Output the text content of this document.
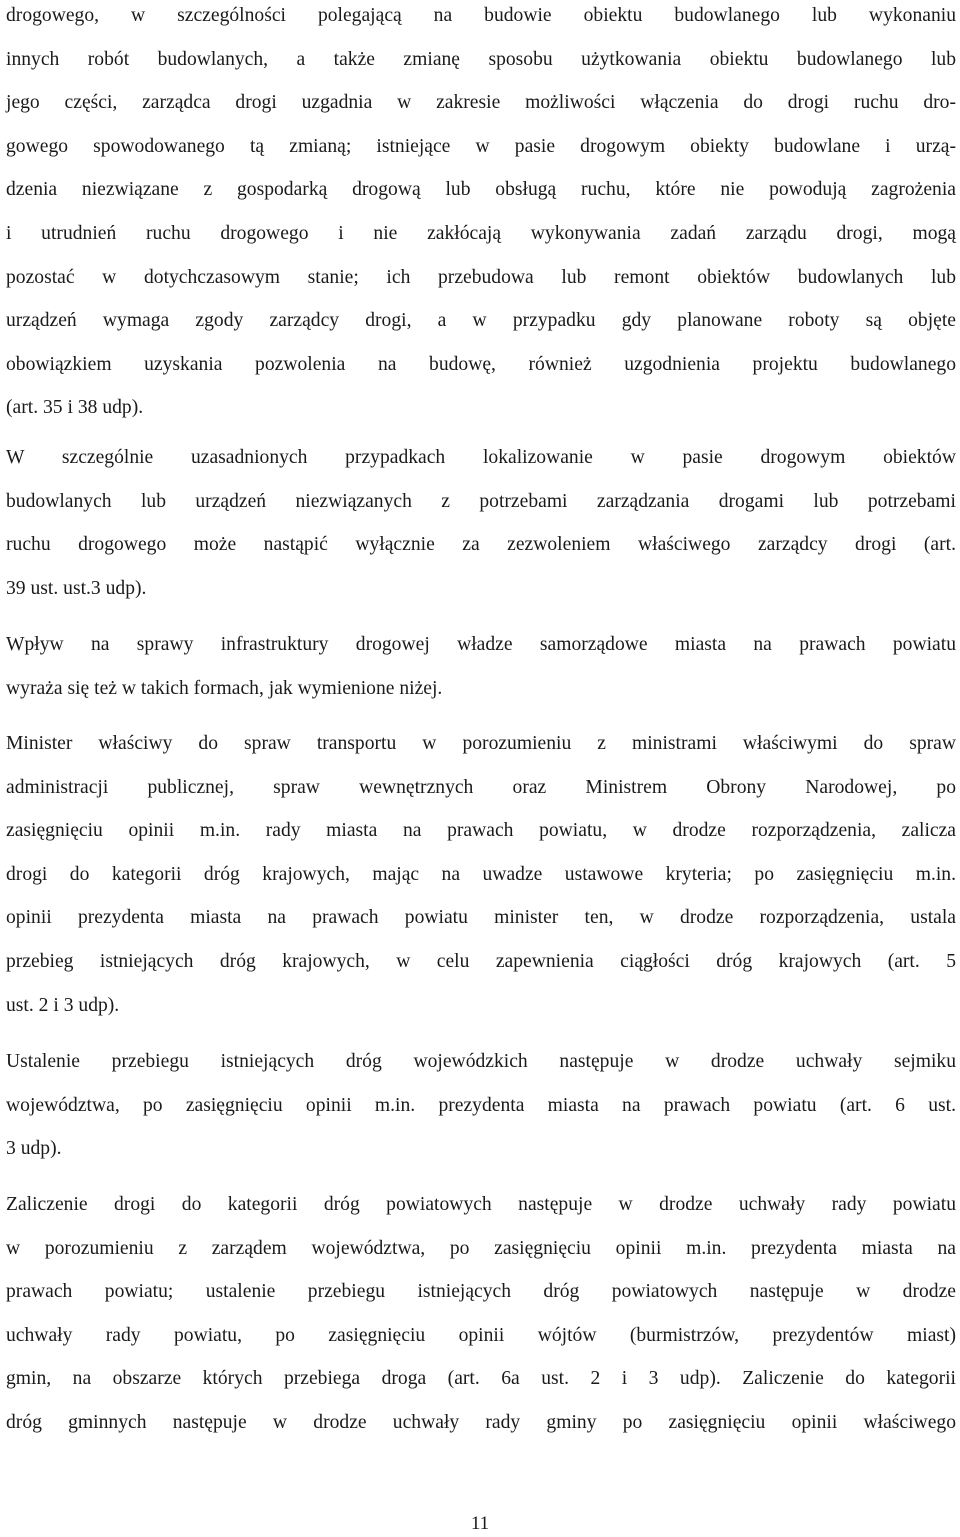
drogowego, w szczególności polegającą na budowie obiektu budowlanego lub wykonaniu
innych robót budowlanych, a także zmianę sposobu użytkowania obiektu budowlanego lub
jego części, zarządca drogi uzgadnia w zakresie możliwości włączenia do drogi ruchu dro-
gowego spowodowanego tą zmianą; istniejące w pasie drogowym obiekty budowlane i urzą-
dzenia niezwiązane z gospodarką drogową lub obsługą ruchu, które nie powodują zagrożenia
i utrudnień ruchu drogowego i nie zakłócają wykonywania zadań zarządu drogi, mogą
pozostać w dotychczasowym stanie; ich przebudowa lub remont obiektów budowlanych lub
urządzeń wymaga zgody zarządcy drogi, a w przypadku gdy planowane roboty są objęte
obowiązkiem uzyskania pozwolenia na budowę, również uzgodnienia projektu budowlanego
(art. 35 i 38 udp).
W szczególnie uzasadnionych przypadkach lokalizowanie w pasie drogowym obiektów
budowlanych lub urządzeń niezwiązanych z potrzebami zarządzania drogami lub potrzebami
ruchu drogowego może nastąpić wyłącznie za zezwoleniem właściwego zarządcy drogi (art.
39 ust. ust.3 udp).
Wpływ na sprawy infrastruktury drogowej władze samorządowe miasta na prawach powiatu
wyraża się też w takich formach, jak wymienione niżej.
Minister właściwy do spraw transportu w porozumieniu z ministrami właściwymi do spraw
administracji publicznej, spraw wewnętrznych oraz Ministrem Obrony Narodowej, po
zasięgnięciu opinii m.in. rady miasta na prawach powiatu, w drodze rozporządzenia, zalicza
drogi do kategorii dróg krajowych, mając na uwadze ustawowe kryteria; po zasięgnięciu m.in.
opinii prezydenta miasta na prawach powiatu minister ten, w drodze rozporządzenia, ustala
przebieg istniejących dróg krajowych, w celu zapewnienia ciągłości dróg krajowych (art. 5
ust. 2 i 3 udp).
Ustalenie przebiegu istniejących dróg wojewódzkich następuje w drodze uchwały sejmiku
województwa, po zasięgnięciu opinii m.in. prezydenta miasta na prawach powiatu (art. 6 ust.
3 udp).
Zaliczenie drogi do kategorii dróg powiatowych następuje w drodze uchwały rady powiatu
w porozumieniu z zarządem województwa, po zasięgnięciu opinii m.in. prezydenta miasta na
prawach powiatu; ustalenie przebiegu istniejących dróg powiatowych następuje w drodze
uchwały rady powiatu, po zasięgnięciu opinii wójtów (burmistrzów, prezydentów miast)
gmin, na obszarze których przebiega droga (art. 6a ust. 2 i 3 udp). Zaliczenie do kategorii
dróg gminnych następuje w drodze uchwały rady gminy po zasięgnięciu opinii właściwego
11
